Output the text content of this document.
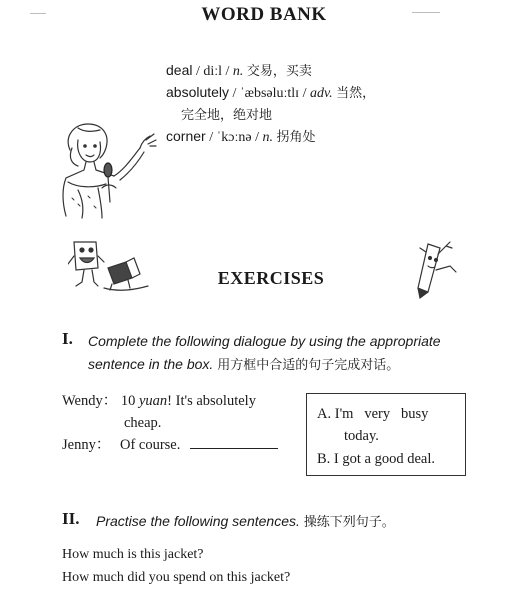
WORD BANK
deal / diːl / n. 交易，买卖
absolutely / ˈæbsəluːtlɪ / adv. 当然，
完全地，绝对地
corner / ˈkɔːnə / n. 拐角处
EXERCISES
I. Complete the following dialogue by using the appropriate
sentence in the box. 用方框中合适的句子完成对话。
Wendy： 10 yuan! It's absolutely
cheap.
Jenny： Of course.
A. I'm   very   busy
today.
B. I got a good deal.
II. Practise the following sentences. 操练下列句子。
How much is this jacket?
How much did you spend on this jacket?
